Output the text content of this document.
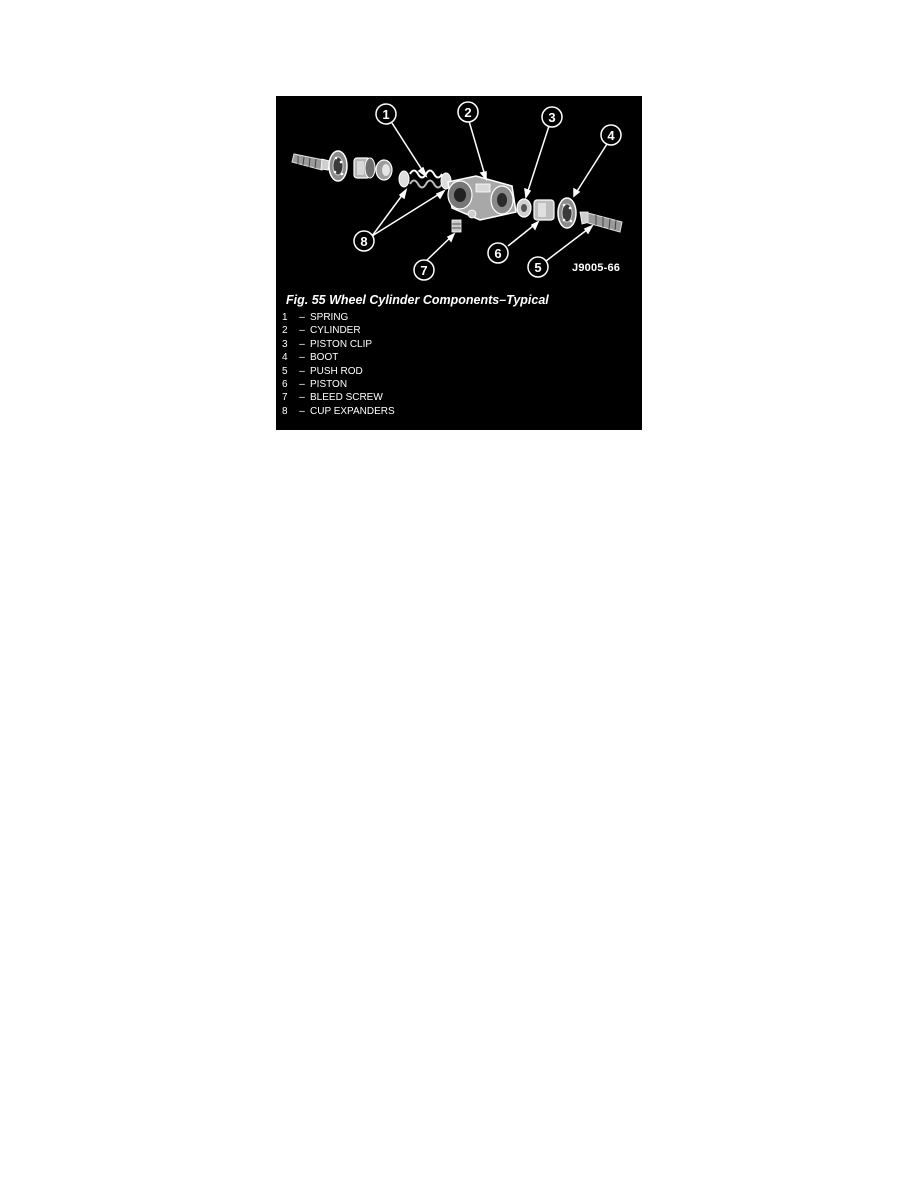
1	2	3
4
5
6
7
8
J9005-66
Fig. 55 Wheel Cylinder Components–Typical
1 – SPRING
2 – CYLINDER
3 – PISTON CLIP
4 – BOOT
5 – PUSH ROD
6 – PISTON
7 – BLEED SCREW
8 – CUP EXPANDERS
